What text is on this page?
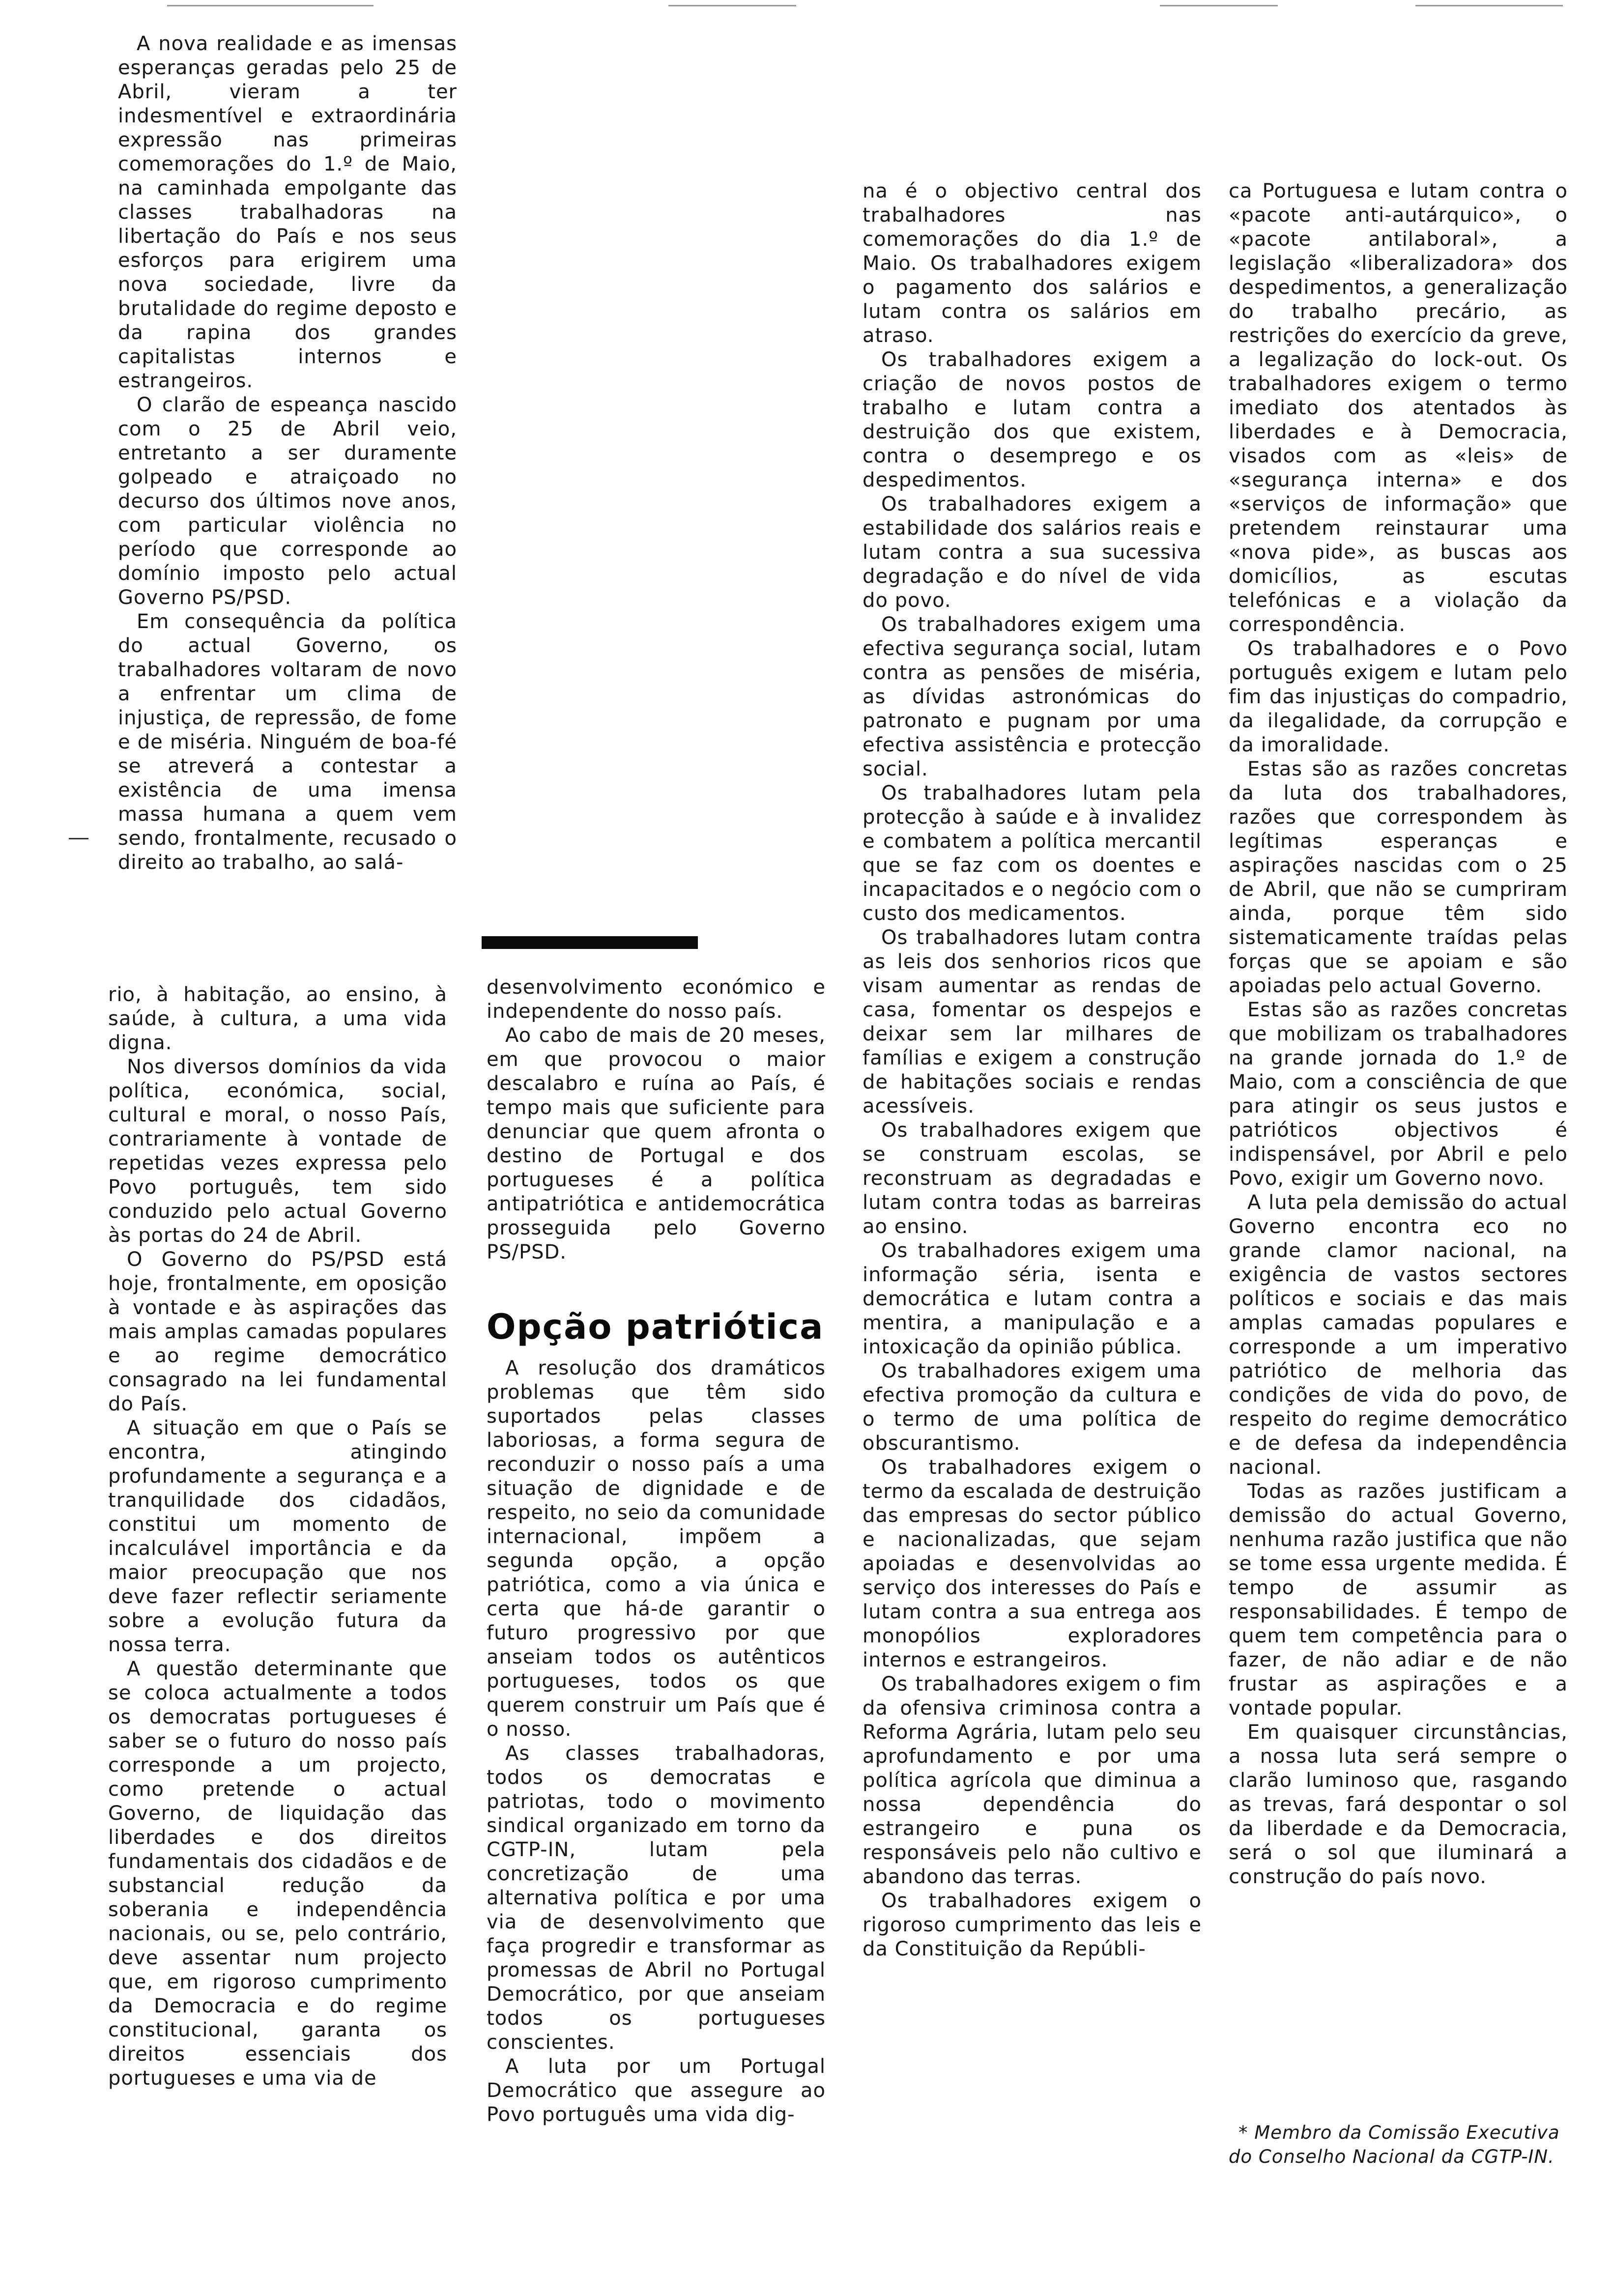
A nova realidade e as imensas esperanças geradas pelo 25 de Abril, vieram a ter indesmentível e extraordinária expressão nas primeiras comemorações do 1.º de Maio, na caminhada empolgante das classes trabalhadoras na libertação do País e nos seus esforços para erigirem uma nova sociedade, livre da brutalidade do regime deposto e da rapina dos grandes capitalistas internos e estrangeiros.

O clarão de espeança nascido com o 25 de Abril veio, entretanto a ser duramente golpeado e atraiçoado no decurso dos últimos nove anos, com particular violência no período que corresponde ao domínio imposto pelo actual Governo PS/PSD.

Em consequência da política do actual Governo, os trabalhadores voltaram de novo a enfrentar um clima de injustiça, de repressão, de fome e de miséria. Ninguém de boa-fé se atreverá a contestar a existência de uma imensa massa humana a quem vem sendo, frontalmente, recusado o direito ao trabalho, ao salá-

rio, à habitação, ao ensino, à saúde, à cultura, a uma vida digna.

Nos diversos domínios da vida política, económica, social, cultural e moral, o nosso País, contrariamente à vontade de repetidas vezes expressa pelo Povo português, tem sido conduzido pelo actual Governo às portas do 24 de Abril.

O Governo do PS/PSD está hoje, frontalmente, em oposição à vontade e às aspirações das mais amplas camadas populares e ao regime democrático consagrado na lei fundamental do País.

A situação em que o País se encontra, atingindo profundamente a segurança e a tranquilidade dos cidadãos, constitui um momento de incalculável importância e da maior preocupação que nos deve fazer reflectir seriamente sobre a evolução futura da nossa terra.

A questão determinante que se coloca actualmente a todos os democratas portugueses é saber se o futuro do nosso país corresponde a um projecto, como pretende o actual Governo, de liquidação das liberdades e dos direitos fundamentais dos cidadãos e de substancial redução da soberania e independência nacionais, ou se, pelo contrário, deve assentar num projecto que, em rigoroso cumprimento da Democracia e do regime constitucional, garanta os direitos essenciais dos portugueses e uma via de

desenvolvimento económico e independente do nosso país.

Ao cabo de mais de 20 meses, em que provocou o maior descalabro e ruína ao País, é tempo mais que suficiente para denunciar que quem afronta o destino de Portugal e dos portugueses é a política antipatriótica e antidemocrática prosseguida pelo Governo PS/PSD.

Opção patriótica

A resolução dos dramáticos problemas que têm sido suportados pelas classes laboriosas, a forma segura de reconduzir o nosso país a uma situação de dignidade e de respeito, no seio da comunidade internacional, impõem a segunda opção, a opção patriótica, como a via única e certa que há-de garantir o futuro progressivo por que anseiam todos os autênticos portugueses, todos os que querem construir um País que é o nosso.

As classes trabalhadoras, todos os democratas e patriotas, todo o movimento sindical organizado em torno da CGTP-IN, lutam pela concretização de uma alternativa política e por uma via de desenvolvimento que faça progredir e transformar as promessas de Abril no Portugal Democrático, por que anseiam todos os portugueses conscientes.

A luta por um Portugal Democrático que assegure ao Povo português uma vida dig-

na é o objectivo central dos trabalhadores nas comemorações do dia 1.º de Maio. Os trabalhadores exigem o pagamento dos salários e lutam contra os salários em atraso.

Os trabalhadores exigem a criação de novos postos de trabalho e lutam contra a destruição dos que existem, contra o desemprego e os despedimentos.

Os trabalhadores exigem a estabilidade dos salários reais e lutam contra a sua sucessiva degradação e do nível de vida do povo.

Os trabalhadores exigem uma efectiva segurança social, lutam contra as pensões de miséria, as dívidas astronómicas do patronato e pugnam por uma efectiva assistência e protecção social.

Os trabalhadores lutam pela protecção à saúde e à invalidez e combatem a política mercantil que se faz com os doentes e incapacitados e o negócio com o custo dos medicamentos.

Os trabalhadores lutam contra as leis dos senhorios ricos que visam aumentar as rendas de casa, fomentar os despejos e deixar sem lar milhares de famílias e exigem a construção de habitações sociais e rendas acessíveis.

Os trabalhadores exigem que se construam escolas, se reconstruam as degradadas e lutam contra todas as barreiras ao ensino.

Os trabalhadores exigem uma informação séria, isenta e democrática e lutam contra a mentira, a manipulação e a intoxicação da opinião pública.

Os trabalhadores exigem uma efectiva promoção da cultura e o termo de uma política de obscurantismo.

Os trabalhadores exigem o termo da escalada de destruição das empresas do sector público e nacionalizadas, que sejam apoiadas e desenvolvidas ao serviço dos interesses do País e lutam contra a sua entrega aos monopólios exploradores internos e estrangeiros.

Os trabalhadores exigem o fim da ofensiva criminosa contra a Reforma Agrária, lutam pelo seu aprofundamento e por uma política agrícola que diminua a nossa dependência do estrangeiro e puna os responsáveis pelo não cultivo e abandono das terras.

Os trabalhadores exigem o rigoroso cumprimento das leis e da Constituição da Repúbli-

ca Portuguesa e lutam contra o «pacote anti-autárquico», o «pacote antilaboral», a legislação «liberalizadora» dos despedimentos, a generalização do trabalho precário, as restrições do exercício da greve, a legalização do lock-out. Os trabalhadores exigem o termo imediato dos atentados às liberdades e à Democracia, visados com as «leis» de «segurança interna» e dos «serviços de informação» que pretendem reinstaurar uma «nova pide», as buscas aos domicílios, as escutas telefónicas e a violação da correspondência.

Os trabalhadores e o Povo português exigem e lutam pelo fim das injustiças do compadrio, da ilegalidade, da corrupção e da imoralidade.

Estas são as razões concretas da luta dos trabalhadores, razões que correspondem às legítimas esperanças e aspirações nascidas com o 25 de Abril, que não se cumpriram ainda, porque têm sido sistematicamente traídas pelas forças que se apoiam e são apoiadas pelo actual Governo.

Estas são as razões concretas que mobilizam os trabalhadores na grande jornada do 1.º de Maio, com a consciência de que para atingir os seus justos e patrióticos objectivos é indispensável, por Abril e pelo Povo, exigir um Governo novo.

A luta pela demissão do actual Governo encontra eco no grande clamor nacional, na exigência de vastos sectores políticos e sociais e das mais amplas camadas populares e corresponde a um imperativo patriótico de melhoria das condições de vida do povo, de respeito do regime democrático e de defesa da independência nacional.

Todas as razões justificam a demissão do actual Governo, nenhuma razão justifica que não se tome essa urgente medida. É tempo de assumir as responsabilidades. É tempo de quem tem competência para o fazer, de não adiar e de não frustar as aspirações e a vontade popular.

Em quaisquer circunstâncias, a nossa luta será sempre o clarão luminoso que, rasgando as trevas, fará despontar o sol da liberdade e da Democracia, será o sol que iluminará a construção do país novo.

* Membro da Comissão Executiva do Conselho Nacional da CGTP-IN.
